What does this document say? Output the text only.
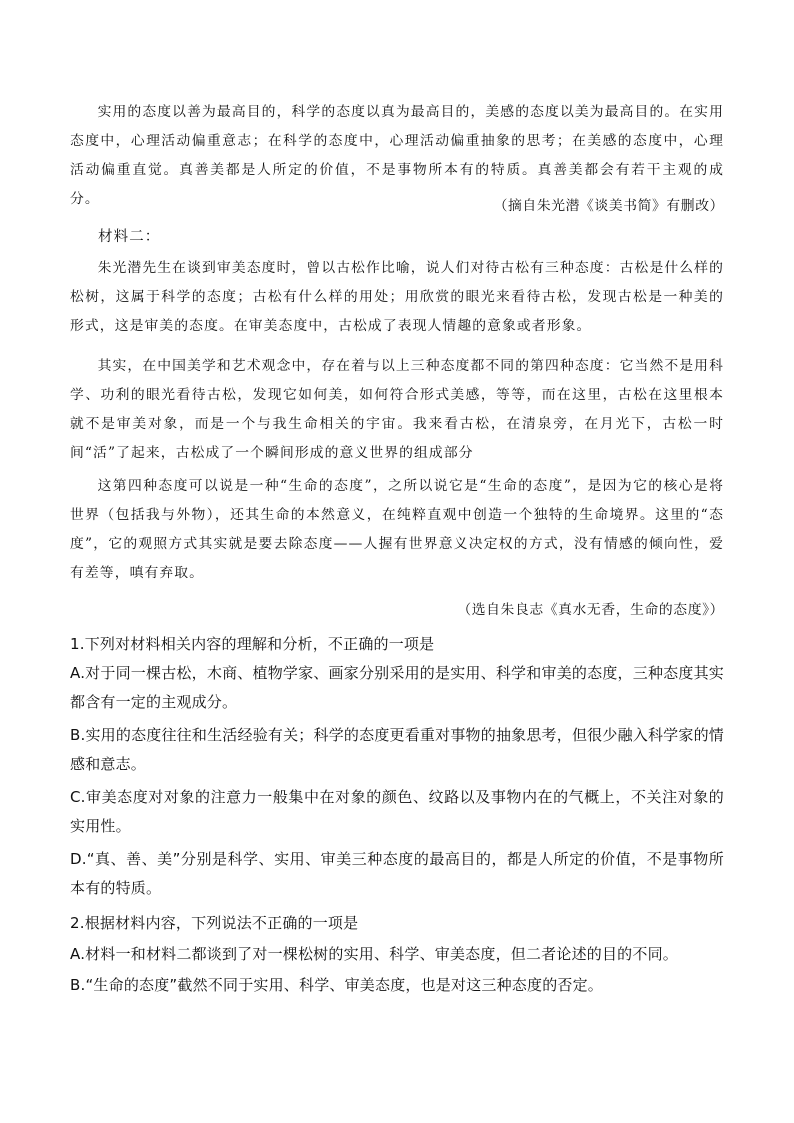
实用的态度以善为最高目的，科学的态度以真为最高目的，美感的态度以美为最高目的。在实用态度中，心理活动偏重意志；在科学的态度中，心理活动偏重抽象的思考；在美感的态度中，心理活动偏重直觉。真善美都是人所定的价值，不是事物所本有的特质。真善美都会有若干主观的成分。	（摘自朱光潜《谈美书简》有删改）
材料二：
朱光潜先生在谈到审美态度时，曾以古松作比喻，说人们对待古松有三种态度：古松是什么样的松树，这属于科学的态度；古松有什么样的用处；用欣赏的眼光来看待古松，发现古松是一种美的形式，这是审美的态度。在审美态度中，古松成了表现人情趣的意象或者形象。
其实，在中国美学和艺术观念中，存在着与以上三种态度都不同的第四种态度：它当然不是用科学、功利的眼光看待古松，发现它如何美，如何符合形式美感，等等，而在这里，古松在这里根本就不是审美对象，而是一个与我生命相关的宇宙。我来看古松，在清泉旁，在月光下，古松一时间“活”了起来，古松成了一个瞬间形成的意义世界的组成部分
这第四种态度可以说是一种“生命的态度”，之所以说它是“生命的态度”，是因为它的核心是将世界（包括我与外物），还其生命的本然意义，在纯粹直观中创造一个独特的生命境界。这里的“态度”，它的观照方式其实就是要去除态度——人握有世界意义决定权的方式，没有情感的倾向性，爱有差等，嗔有弃取。
（选自朱良志《真水无香，生命的态度》）
1.下列对材料相关内容的理解和分析，不正确的一项是
A.对于同一棵古松，木商、植物学家、画家分别采用的是实用、科学和审美的态度，三种态度其实都含有一定的主观成分。
B.实用的态度往往和生活经验有关；科学的态度更看重对事物的抽象思考，但很少融入科学家的情感和意志。
C.审美态度对对象的注意力一般集中在对象的颜色、纹路以及事物内在的气概上，不关注对象的实用性。
D.“真、善、美”分别是科学、实用、审美三种态度的最高目的，都是人所定的价值，不是事物所本有的特质。
2.根据材料内容，下列说法不正确的一项是
A.材料一和材料二都谈到了对一棵松树的实用、科学、审美态度，但二者论述的目的不同。
B.“生命的态度”截然不同于实用、科学、审美态度，也是对这三种态度的否定。
